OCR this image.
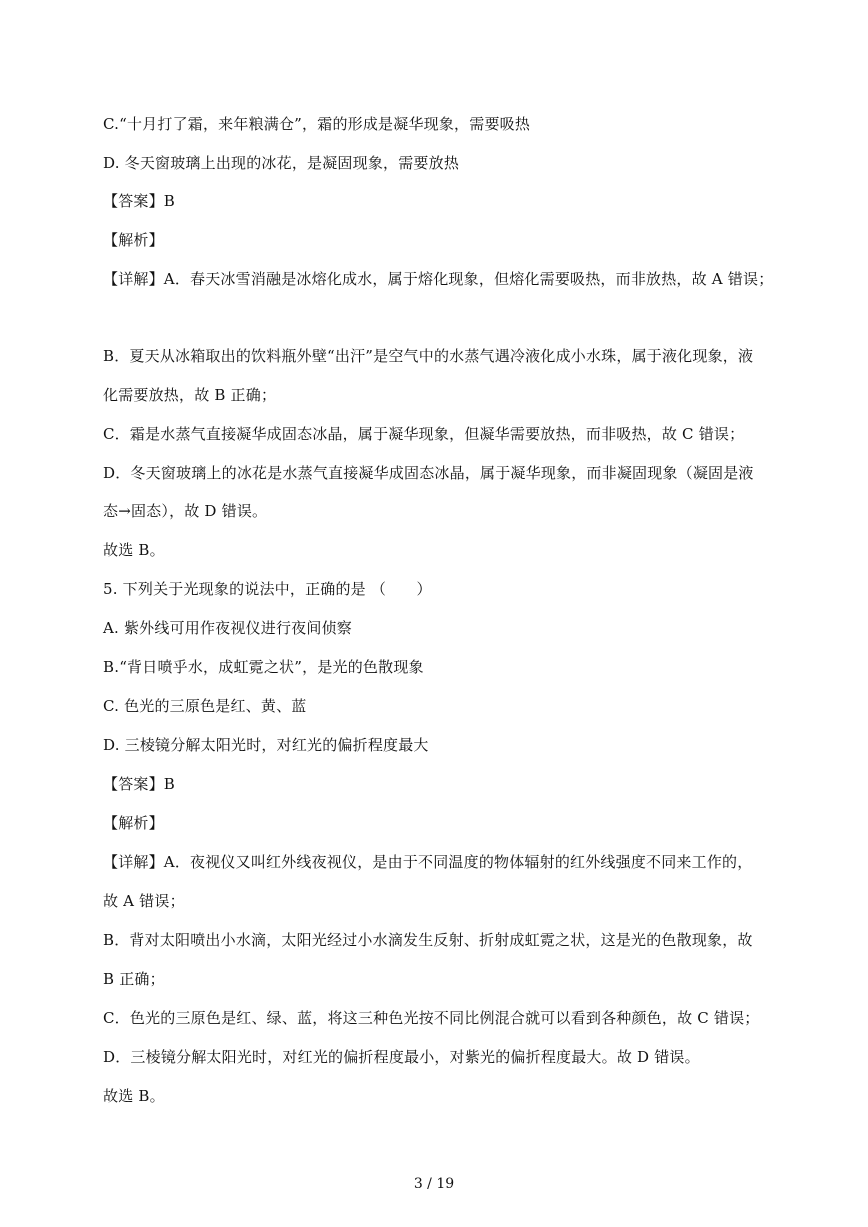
C.“十月打了霜，来年粮满仓”，霜的形成是凝华现象，需要吸热
D. 冬天窗玻璃上出现的冰花，是凝固现象，需要放热
【答案】B
【解析】
【详解】A．春天冰雪消融是冰熔化成水，属于熔化现象，但熔化需要吸热，而非放热，故 A 错误；
B．夏天从冰箱取出的饮料瓶外壁“出汗”是空气中的水蒸气遇冷液化成小水珠，属于液化现象，液
化需要放热，故 B 正确；
C．霜是水蒸气直接凝华成固态冰晶，属于凝华现象，但凝华需要放热，而非吸热，故 C 错误；
D．冬天窗玻璃上的冰花是水蒸气直接凝华成固态冰晶，属于凝华现象，而非凝固现象（凝固是液
态→固态），故 D 错误。
故选 B。
5. 下列关于光现象的说法中，正确的是 （　　）
A. 紫外线可用作夜视仪进行夜间侦察
B.“背日喷乎水，成虹霓之状”，是光的色散现象
C. 色光的三原色是红、黄、蓝
D. 三棱镜分解太阳光时，对红光的偏折程度最大
【答案】B
【解析】
【详解】A．夜视仪又叫红外线夜视仪，是由于不同温度的物体辐射的红外线强度不同来工作的，
故 A 错误；
B．背对太阳喷出小水滴，太阳光经过小水滴发生反射、折射成虹霓之状，这是光的色散现象，故
B 正确；
C．色光的三原色是红、绿、蓝，将这三种色光按不同比例混合就可以看到各种颜色，故 C 错误；
D．三棱镜分解太阳光时，对红光的偏折程度最小，对紫光的偏折程度最大。故 D 错误。
故选 B。
3 / 19
